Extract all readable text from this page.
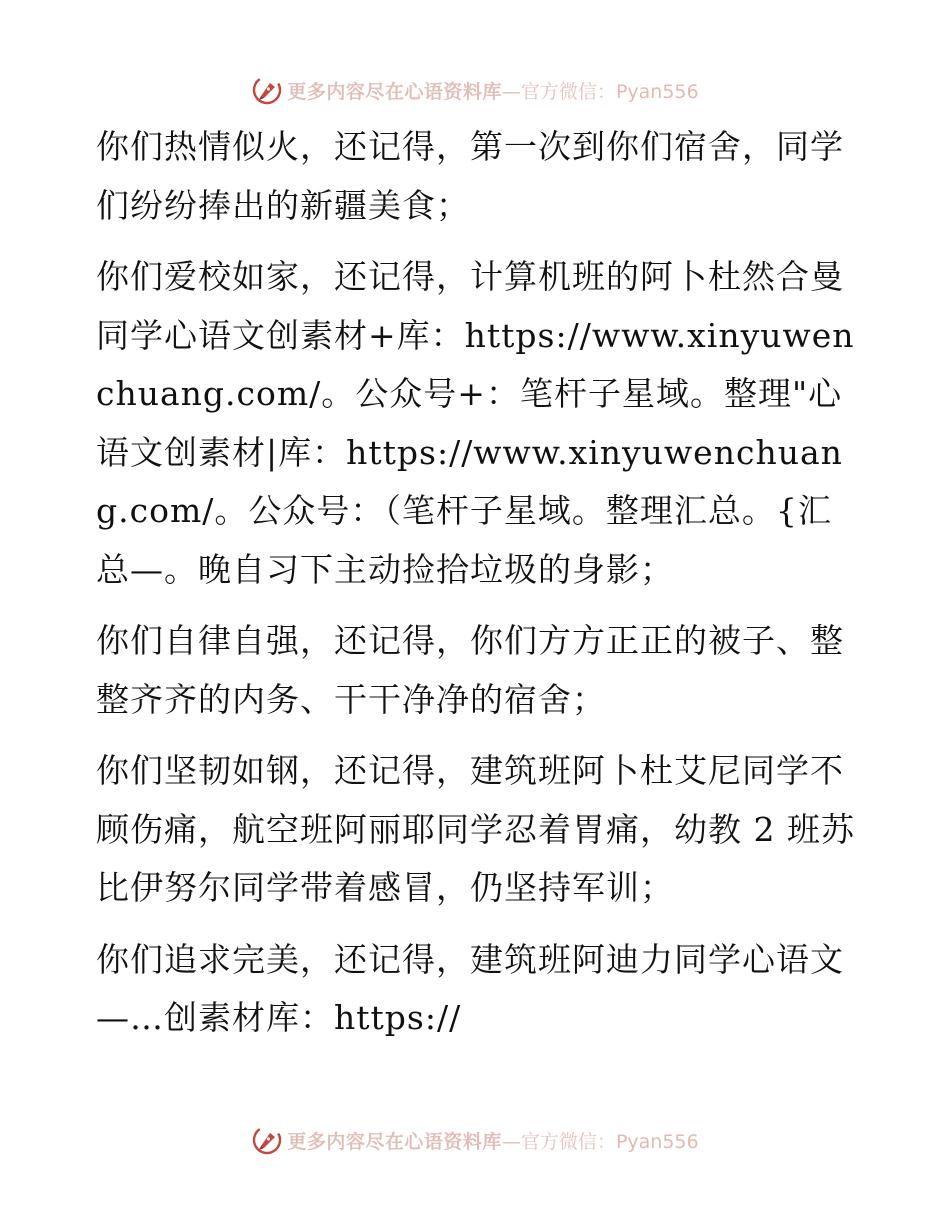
更多内容尽在心语资料库—官方微信：Pyan556

你们热情似火，还记得，第一次到你们宿舍，同学们纷纷捧出的新疆美食；

你们爱校如家，还记得，计算机班的阿卜杜然合曼同学心语文创素材+库：https://www.xinyuwenchuang.com/。公众号+：笔杆子星域。整理"心语文创素材|库：https://www.xinyuwenchuang.com/。公众号：（笔杆子星域。整理汇总。{汇总—。晚自习下主动捡拾垃圾的身影；

你们自律自强，还记得，你们方方正正的被子、整整齐齐的内务、干干净净的宿舍；

你们坚韧如钢，还记得，建筑班阿卜杜艾尼同学不顾伤痛，航空班阿丽耶同学忍着胃痛，幼教 2 班苏比伊努尔同学带着感冒，仍坚持军训；

你们追求完美，还记得，建筑班阿迪力同学心语文—…创素材库：https://

更多内容尽在心语资料库—官方微信：Pyan556
